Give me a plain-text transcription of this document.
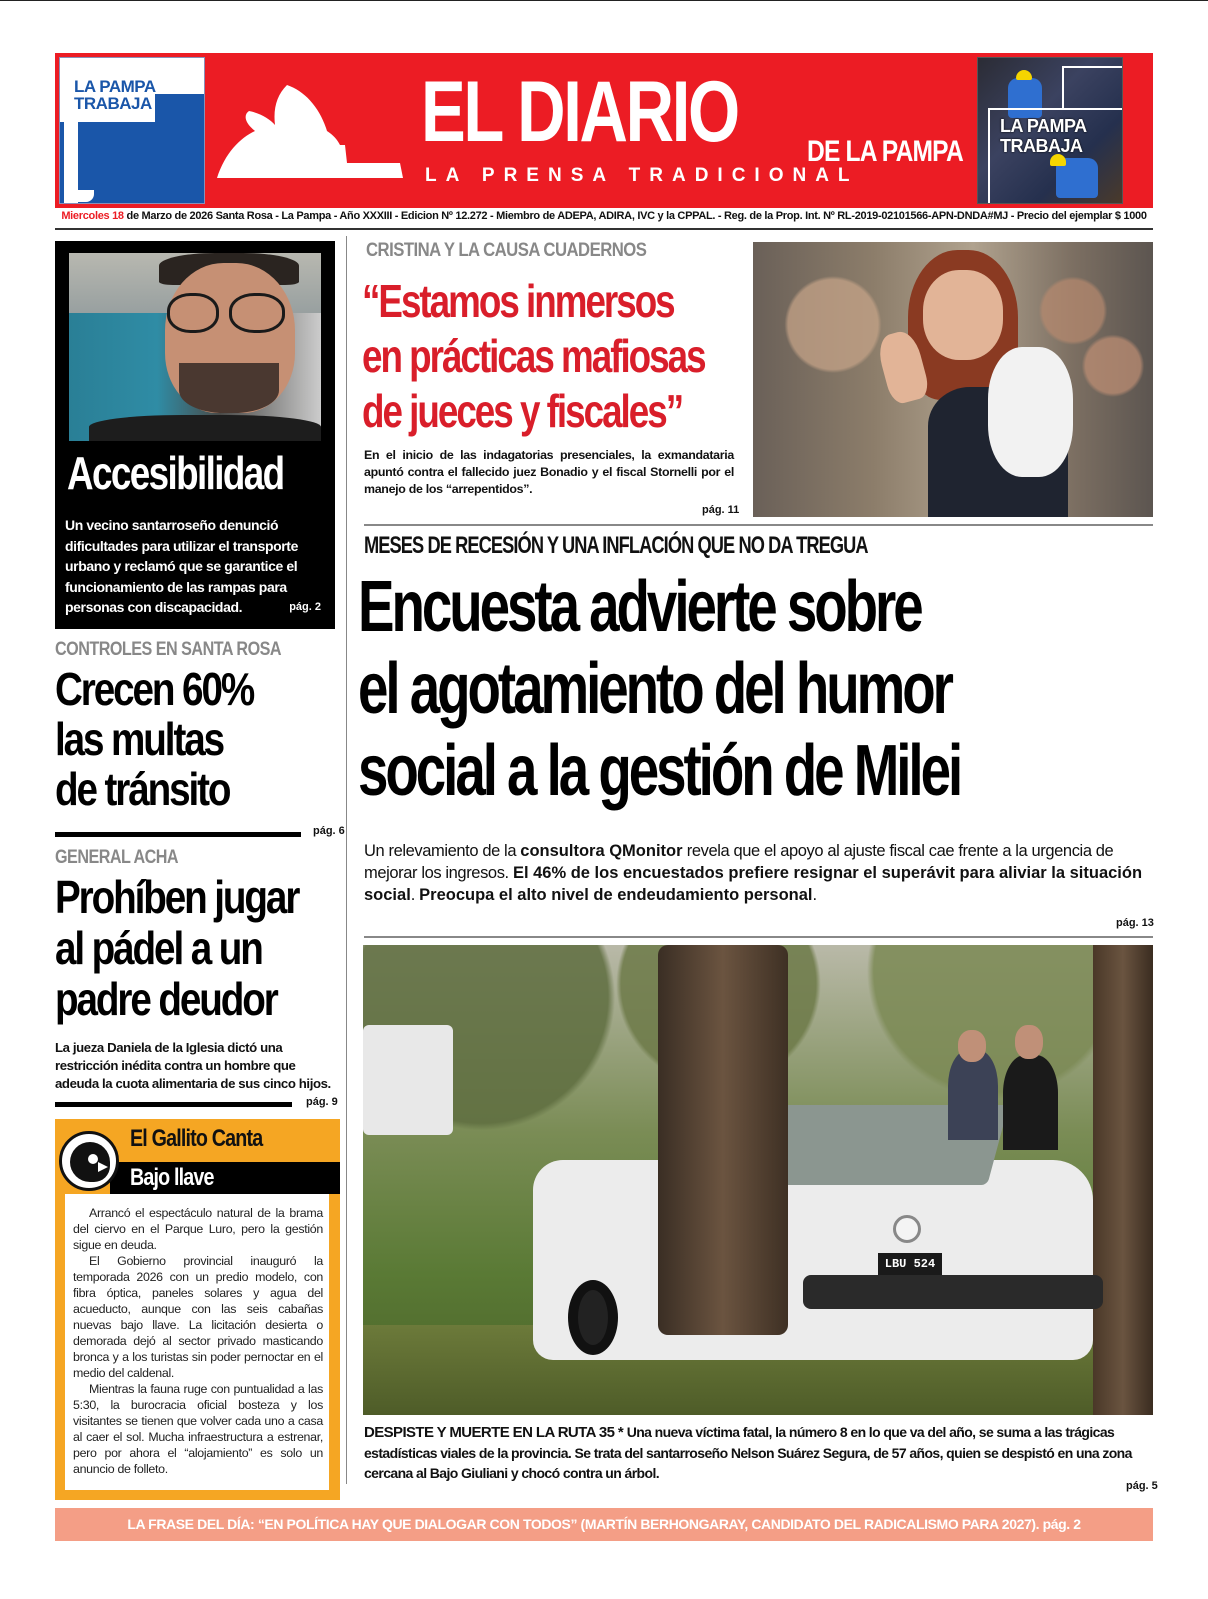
LA PAMPA
TRABAJA	EL DIARIO DE LA PAMPA
LA PRENSA TRADICIONAL
LA PAMPA
TRABAJA
Miercoles 18 de Marzo de 2026 Santa Rosa - La Pampa - Año XXXIII - Edicion Nº 12.272 - Miembro de ADEPA, ADIRA, IVC y la CPPAL. - Reg. de la Prop. Int. Nº RL-2019-02101566-APN-DNDA#MJ - Precio del ejemplar $ 1000
Accesibilidad
Un vecino santarroseño denunció dificultades para utilizar el transporte urbano y reclamó que se garantice el funcionamiento de las rampas para personas con discapacidad.	pág. 2
CONTROLES EN SANTA ROSA
Crecen 60%
las multas
de tránsito
pág. 6
GENERAL ACHA
Prohíben jugar
al pádel a un
padre deudor
La jueza Daniela de la Iglesia dictó una restricción inédita contra un hombre que adeuda la cuota alimentaria de sus cinco hijos.
pág. 9
El Gallito Canta
Bajo llave

Arrancó el espectáculo natural de la brama del ciervo en el Parque Luro, pero la gestión sigue en deuda.

El Gobierno provincial inauguró la temporada 2026 con un predio modelo, con fibra óptica, paneles solares y agua del acueducto, aunque con las seis cabañas nuevas bajo llave. La licitación desierta o demorada dejó al sector privado masticando bronca y a los turistas sin poder pernoctar en el medio del caldenal.

Mientras la fauna ruge con puntualidad a las 5:30, la burocracia oficial bosteza y los visitantes se tienen que volver cada uno a casa al caer el sol. Mucha infraestructura a estrenar, pero por ahora el “alojamiento” es solo un anuncio de folleto.

CRISTINA Y LA CAUSA CUADERNOS
“Estamos inmersos
en prácticas mafiosas
de jueces y fiscales”
En el inicio de las indagatorias presenciales, la exmandataria apuntó contra el fallecido juez Bonadio y el fiscal Stornelli por el manejo de los “arrepentidos”.
pág. 11
MESES DE RECESIÓN Y UNA INFLACIÓN QUE NO DA TREGUA
Encuesta advierte sobre
el agotamiento del humor
social a la gestión de Milei
Un relevamiento de la consultora QMonitor revela que el apoyo al ajuste fiscal cae frente a la urgencia de mejorar los ingresos. El 46% de los encuestados prefiere resignar el superávit para aliviar la situación social. Preocupa el alto nivel de endeudamiento personal.
pág. 13
LBU 524
DESPISTE Y MUERTE EN LA RUTA 35 * Una nueva víctima fatal, la número 8 en lo que va del año, se suma a las trágicas estadísticas viales de la provincia. Se trata del santarroseño Nelson Suárez Segura, de 57 años, quien se despistó en una zona cercana al Bajo Giuliani y chocó contra un árbol.
pág. 5
LA FRASE DEL DÍA: “EN POLÍTICA HAY QUE DIALOGAR CON TODOS” (MARTÍN BERHONGARAY, CANDIDATO DEL RADICALISMO PARA 2027). pág. 2
